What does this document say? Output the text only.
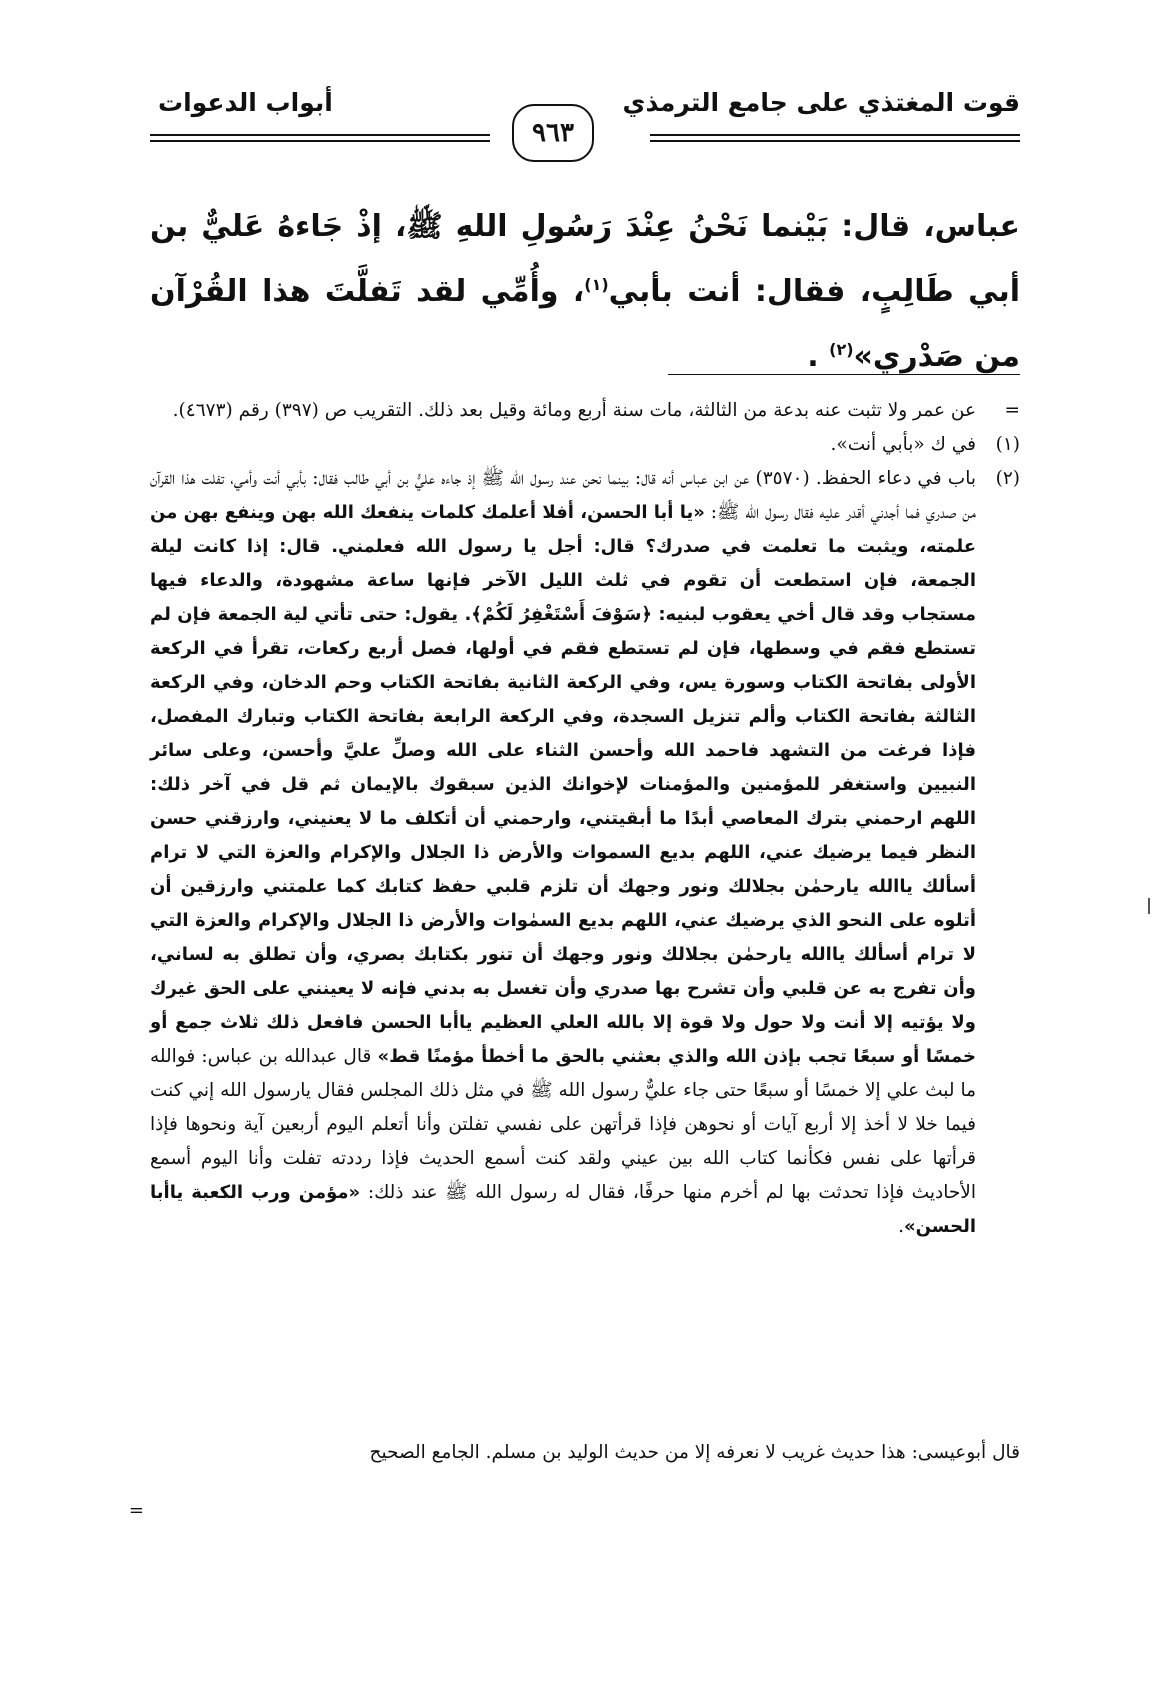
قوت المغتذي على جامع الترمذي
٩٦٣
أبواب الدعوات
عباس، قال: بَيْنما نَحْنُ عِنْدَ رَسُولِ اللهِ ﷺ، إذْ جَاءهُ عَليٌّ بن أبي طَالِبٍ، فقال: أنت بأبي$^{(١)}$، وأُمِّي لقد تَفلَّتَ هذا القُرْآن من صَدْري»$^{(٢)}$ .

=
عن عمر ولا تثبت عنه بدعة من الثالثة، مات سنة أربع ومائة وقيل بعد ذلك. التقريب ص (٣٩٧) رقم (٤٦٧٣).

(١)
في ك «بأبي أنت».

(٢)
باب في دعاء الحفظ. (٣٥٧٠) عن ابن عباس أنه قال: بينما نحن عند رسول الله ﷺ إذ جاءه عليُّ بن أبي طالب فقال: بأبي أنت وأمي، تفلت هذا القرآن من صدري فما أجدني أقدر عليه فقال رسول الله ﷺ: «يا أبا الحسن، أفلا أعلمك كلمات ينفعك الله بهن وينفع بهن من علمته، ويثبت ما تعلمت في صدرك؟ قال: أجل يا رسول الله فعلمني. قال: إذا كانت ليلة الجمعة، فإن استطعت أن تقوم في ثلث الليل الآخر فإنها ساعة مشهودة، والدعاء فيها مستجاب وقد قال أخي يعقوب لبنيه: ﴿سَوْفَ أَسْتَغْفِرُ لَكُمْ﴾. يقول: حتى تأتي لية الجمعة فإن لم تستطع فقم في وسطها، فإن لم تستطع فقم في أولها، فصل أربع ركعات، تقرأ في الركعة الأولى بفاتحة الكتاب وسورة يس، وفي الركعة الثانية بفاتحة الكتاب وحم الدخان، وفي الركعة الثالثة بفاتحة الكتاب وألم تنزيل السجدة، وفي الركعة الرابعة بفاتحة الكتاب وتبارك المفصل، فإذا فرغت من التشهد فاحمد الله وأحسن الثناء على الله وصلِّ عليَّ وأحسن، وعلى سائر النبيين واستغفر للمؤمنين والمؤمنات لإخوانك الذين سبقوك بالإيمان ثم قل في آخر ذلك: اللهم ارحمني بترك المعاصي أبدًا ما أبقيتني، وارحمني أن أتكلف ما لا يعنيني، وارزقني حسن النظر فيما يرضيك عني، اللهم بديع السموات والأرض ذا الجلال والإكرام والعزة التي لا ترام أسألك ياالله يارحمٰن بجلالك ونور وجهك أن تلزم قلبي حفظ كتابك كما علمتني وارزقين أن أتلوه على النحو الذي يرضيك عني، اللهم بديع السمٰوات والأرض ذا الجلال والإكرام والعزة التي لا ترام أسألك ياالله يارحمٰن بجلالك ونور وجهك أن تنور بكتابك بصري، وأن تطلق به لساني، وأن تفرج به عن قلبي وأن تشرح بها صدري وأن تغسل به بدني فإنه لا يعينني على الحق غيرك ولا يؤتيه إلا أنت ولا حول ولا قوة إلا بالله العلي العظيم ياأبا الحسن فافعل ذلك ثلاث جمع أو خمسًا أو سبعًا تجب بإذن الله والذي بعثني بالحق ما أخطأ مؤمنًا قط» قال عبدالله بن عباس: فوالله ما لبث علي إلا خمسًا أو سبعًا حتى جاء عليٌّ رسول الله ﷺ في مثل ذلك المجلس فقال يارسول الله إني كنت فيما خلا لا أخذ إلا أربع آيات أو نحوهن فإذا قرأتهن على نفسي تفلتن وأنا أتعلم اليوم أربعين آية ونحوها فإذا قرأتها على نفس فكأنما كتاب الله بين عيني ولقد كنت أسمع الحديث فإذا رددته تفلت وأنا اليوم أسمع الأحاديث فإذا تحدثت بها لم أخرم منها حرفًا، فقال له رسول الله ﷺ عند ذلك: «مؤمن ورب الكعبة ياأبا الحسن».

قال أبوعيسى: هذا حديث غريب لا نعرفه إلا من حديث الوليد بن مسلم. الجامع الصحيح
=
